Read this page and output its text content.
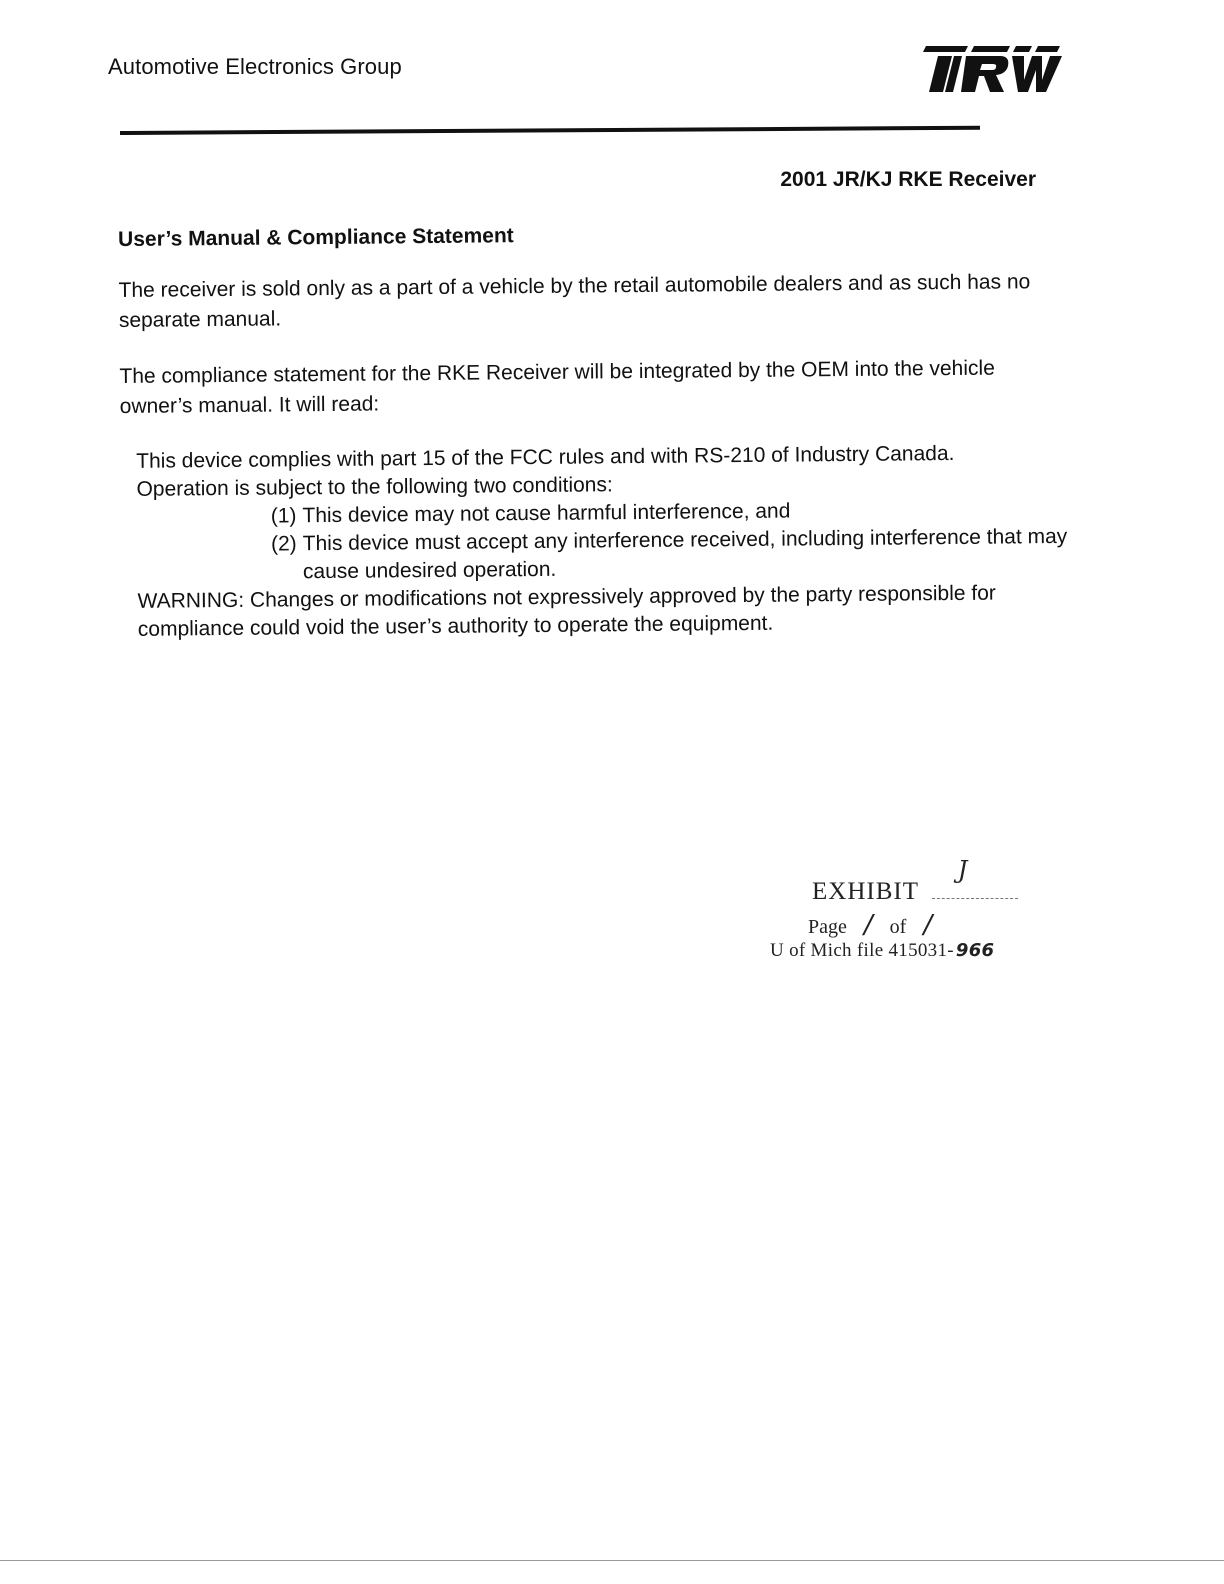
Automotive Electronics Group
2001 JR/KJ RKE Receiver
User’s Manual & Compliance Statement

The receiver is sold only as a part of a vehicle by the retail automobile dealers and as such has no separate manual.

The compliance statement for the RKE Receiver will be integrated by the OEM into the vehicle owner’s manual. It will read:

This device complies with part 15 of the FCC rules and with RS-210 of Industry Canada.

Operation is subject to the following two conditions:

(1) This device may not cause harmful interference, and
(2) This device must accept any interference received, including interference that may cause undesired operation.

WARNING: Changes or modifications not expressively approved by the party responsible for compliance could void the user’s authority to operate the equipment.

EXHIBIT
J
Page / of /
U of Mich file 415031- 966
